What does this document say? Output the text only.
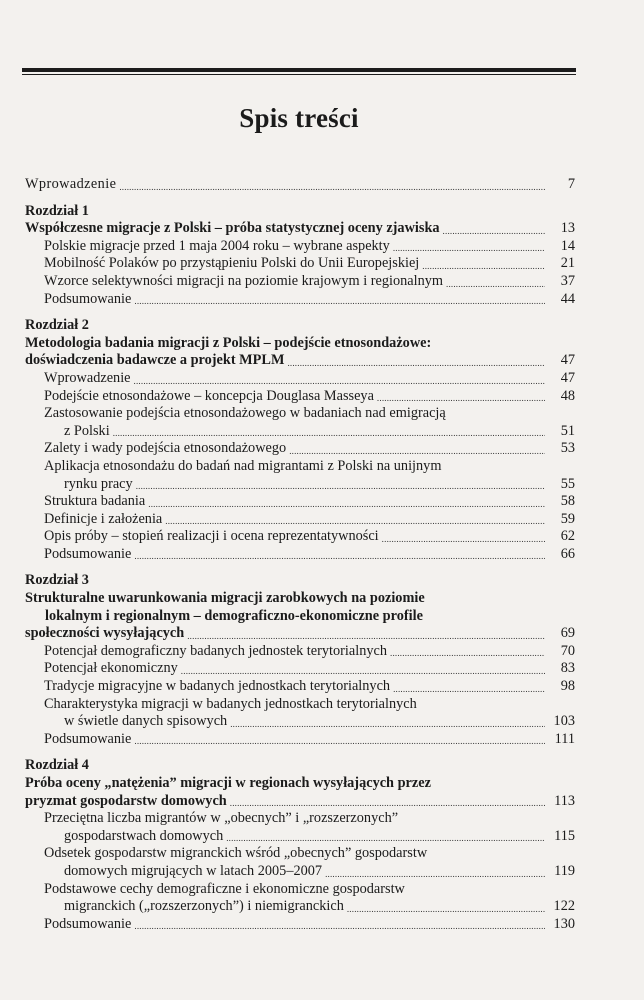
Spis treści
Wprowadzenie .....	7
Rozdział 1
Współczesne migracje z Polski – próba statystycznej oceny zjawiska .....	13
Polskie migracje przed 1 maja 2004 roku – wybrane aspekty .....	14
Mobilność Polaków po przystąpieniu Polski do Unii Europejskiej .....	21
Wzorce selektywności migracji na poziomie krajowym i regionalnym .....	37
Podsumowanie .....	44
Rozdział 2
Metodologia badania migracji z Polski – podejście etnosondażowe:
doświadczenia badawcze a projekt MPLM .....	47
Wprowadzenie .....	47
Podejście etnosondażowe – koncepcja Douglasa Masseya .....	48
Zastosowanie podejścia etnosondażowego w badaniach nad emigracją
z Polski .....	51
Zalety i wady podejścia etnosondażowego .....	53
Aplikacja etnosondażu do badań nad migrantami z Polski na unijnym
rynku pracy .....	55
Struktura badania .....	58
Definicje i założenia .....	59
Opis próby – stopień realizacji i ocena reprezentatywności .....	62
Podsumowanie .....	66
Rozdział 3
Strukturalne uwarunkowania migracji zarobkowych na poziomie
lokalnym i regionalnym – demograficzno-ekonomiczne profile
społeczności wysyłających .....	69
Potencjał demograficzny badanych jednostek terytorialnych .....	70
Potencjał ekonomiczny .....	83
Tradycje migracyjne w badanych jednostkach terytorialnych .....	98
Charakterystyka migracji w badanych jednostkach terytorialnych
w świetle danych spisowych .....	103
Podsumowanie .....	111
Rozdział 4
Próba oceny „natężenia” migracji w regionach wysyłających przez
pryzmat gospodarstw domowych .....	113
Przeciętna liczba migrantów w „obecnych” i „rozszerzonych”
gospodarstwach domowych .....	115
Odsetek gospodarstw migranckich wśród „obecnych” gospodarstw
domowych migrujących w latach 2005–2007 .....	119
Podstawowe cechy demograficzne i ekonomiczne gospodarstw
migranckich („rozszerzonych”) i niemigranckich .....	122
Podsumowanie .....	130
